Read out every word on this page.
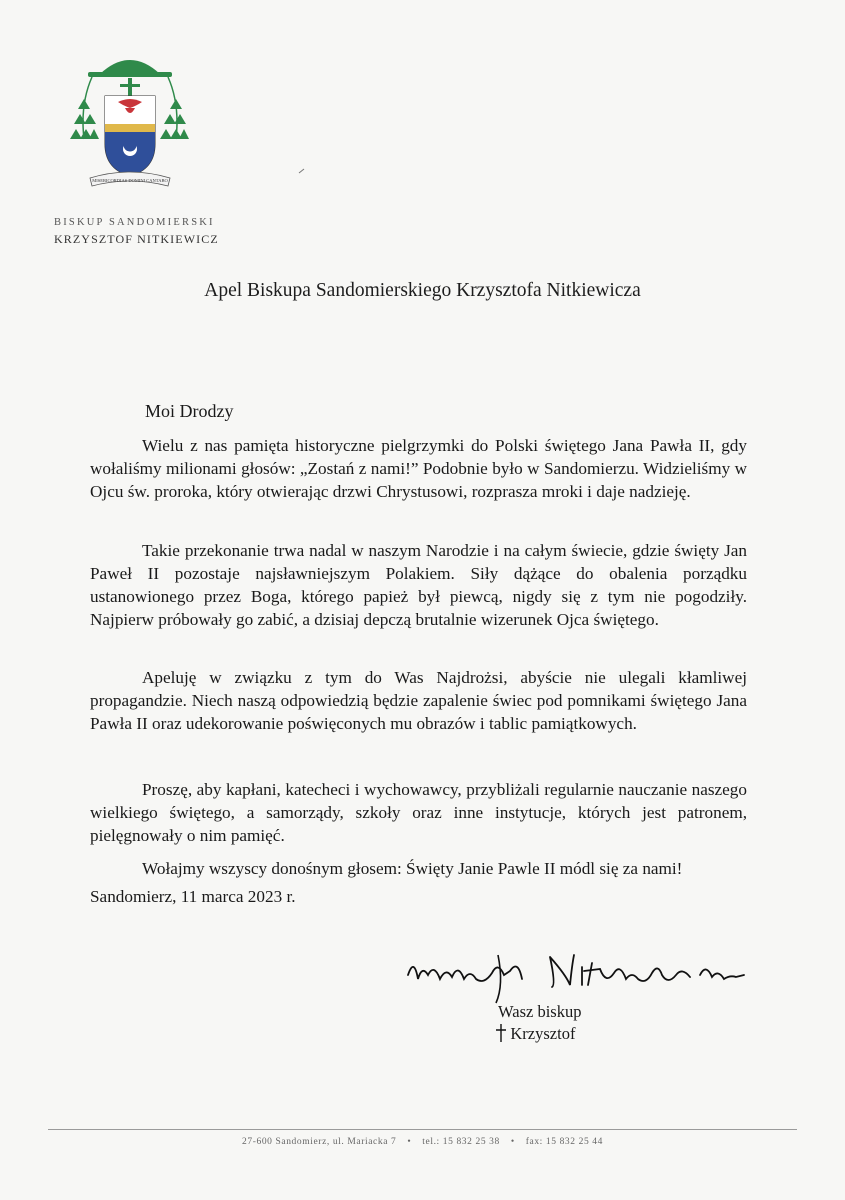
MISERICORDIAS DOMINI CANTABO
BISKUP SANDOMIERSKI
KRZYSZTOF NITKIEWICZ
Apel Biskupa Sandomierskiego Krzysztofa Nitkiewicza
Moi Drodzy
Wielu z nas pamięta historyczne pielgrzymki do Polski świętego Jana Pawła II, gdy wołaliśmy milionami głosów: „Zostań z nami!” Podobnie było w Sandomierzu. Widzieliśmy w Ojcu św. proroka, który otwierając drzwi Chrystusowi, rozprasza mroki i daje nadzieję.
Takie przekonanie trwa nadal w naszym Narodzie i na całym świecie, gdzie święty Jan Paweł II pozostaje najsławniejszym Polakiem. Siły dążące do obalenia porządku ustanowionego przez Boga, którego papież był piewcą, nigdy się z tym nie pogodziły. Najpierw próbowały go zabić, a dzisiaj depczą brutalnie wizerunek Ojca świętego.
Apeluję w związku z tym do Was Najdrożsi, abyście nie ulegali kłamliwej propagandzie. Niech naszą odpowiedzią będzie zapalenie świec pod pomnikami świętego Jana Pawła II oraz udekorowanie poświęconych mu obrazów i tablic pamiątkowych.
Proszę, aby kapłani, katecheci i wychowawcy, przybliżali regularnie nauczanie naszego wielkiego świętego, a samorządy, szkoły oraz inne instytucje, których jest patronem, pielęgnowały o nim pamięć.
Wołajmy wszyscy donośnym głosem: Święty Janie Pawle II módl się za nami!
Sandomierz, 11 marca 2023 r.
Wasz biskup
Krzysztof
27-600 Sandomierz, ul. Mariacka 7 • tel.: 15 832 25 38 • fax: 15 832 25 44
